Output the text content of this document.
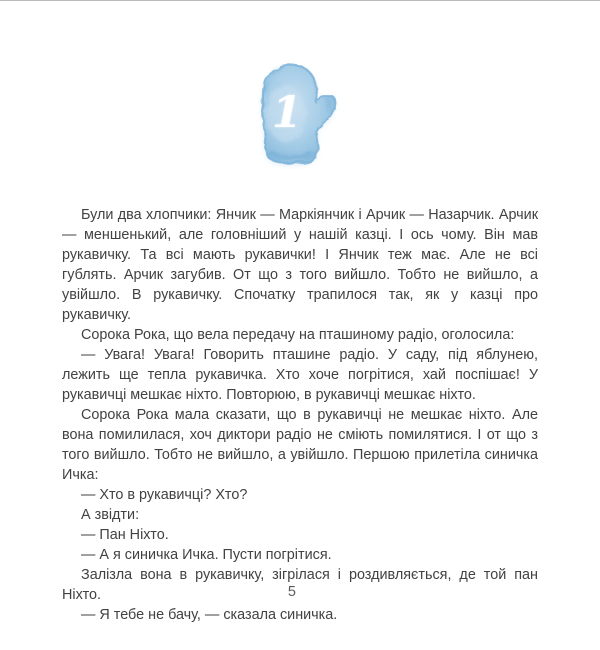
1

Були два хлопчики: Янчик — Маркіянчик і Арчик — Назарчик. Арчик — меншенький, але головніший у нашій казці. І ось чому. Він мав рукавичку. Та всі мають рукавички! І Янчик теж має. Але не всі гублять. Арчик загубив. От що з того вийшло. Тобто не вийшло, а увійшло. В рукавичку. Спочатку трапилося так, як у казці про рукавичку.

Сорока Рока, що вела передачу на пташиному радіо, оголосила:

— Увага! Увага! Говорить пташине радіо. У саду, під яблунею, лежить ще тепла рукавичка. Хто хоче погрітися, хай поспішає! У рукавичці мешкає ніхто. Повторюю, в рукавичці мешкає ніхто.

Сорока Рока мала сказати, що в рукавичці не мешкає ніхто. Але вона помилилася, хоч диктори радіо не сміють помилятися. І от що з того вийшло. Тобто не вийшло, а увійшло. Першою прилетіла синичка Ичка:

— Хто в рукавичці? Хто?

А звідти:

— Пан Ніхто.

— А я синичка Ичка. Пусти погрітися.

Залізла вона в рукавичку, зігрілася і роздивляється, де той пан Ніхто.

— Я тебе не бачу, — сказала синичка.

5
